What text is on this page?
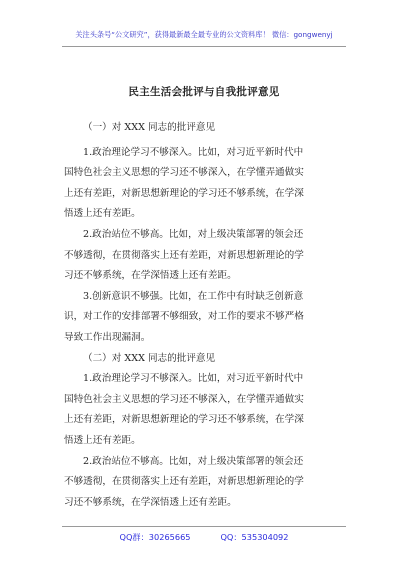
关注头条号“公文研究”，获得最新最全最专业的公文资料库！ 微信：gongwenyj
民主生活会批评与自我批评意见
（一）对 XXX 同志的批评意见
1.政治理论学习不够深入。比如，对习近平新时代中
国特色社会主义思想的学习还不够深入，在学懂弄通做实
上还有差距，对新思想新理论的学习还不够系统，在学深
悟透上还有差距。
2.政治站位不够高。比如，对上级决策部署的领会还
不够透彻，在贯彻落实上还有差距，对新思想新理论的学
习还不够系统，在学深悟透上还有差距。
3.创新意识不够强。比如，在工作中有时缺乏创新意
识，对工作的安排部署不够细致，对工作的要求不够严格
导致工作出现漏洞。
（二）对 XXX 同志的批评意见
1.政治理论学习不够深入。比如，对习近平新时代中
国特色社会主义思想的学习还不够深入，在学懂弄通做实
上还有差距，对新思想新理论的学习还不够系统，在学深
悟透上还有差距。
2.政治站位不够高。比如，对上级决策部署的领会还
不够透彻，在贯彻落实上还有差距，对新思想新理论的学
习还不够系统，在学深悟透上还有差距。
QQ群：30265665	QQ：535304092
